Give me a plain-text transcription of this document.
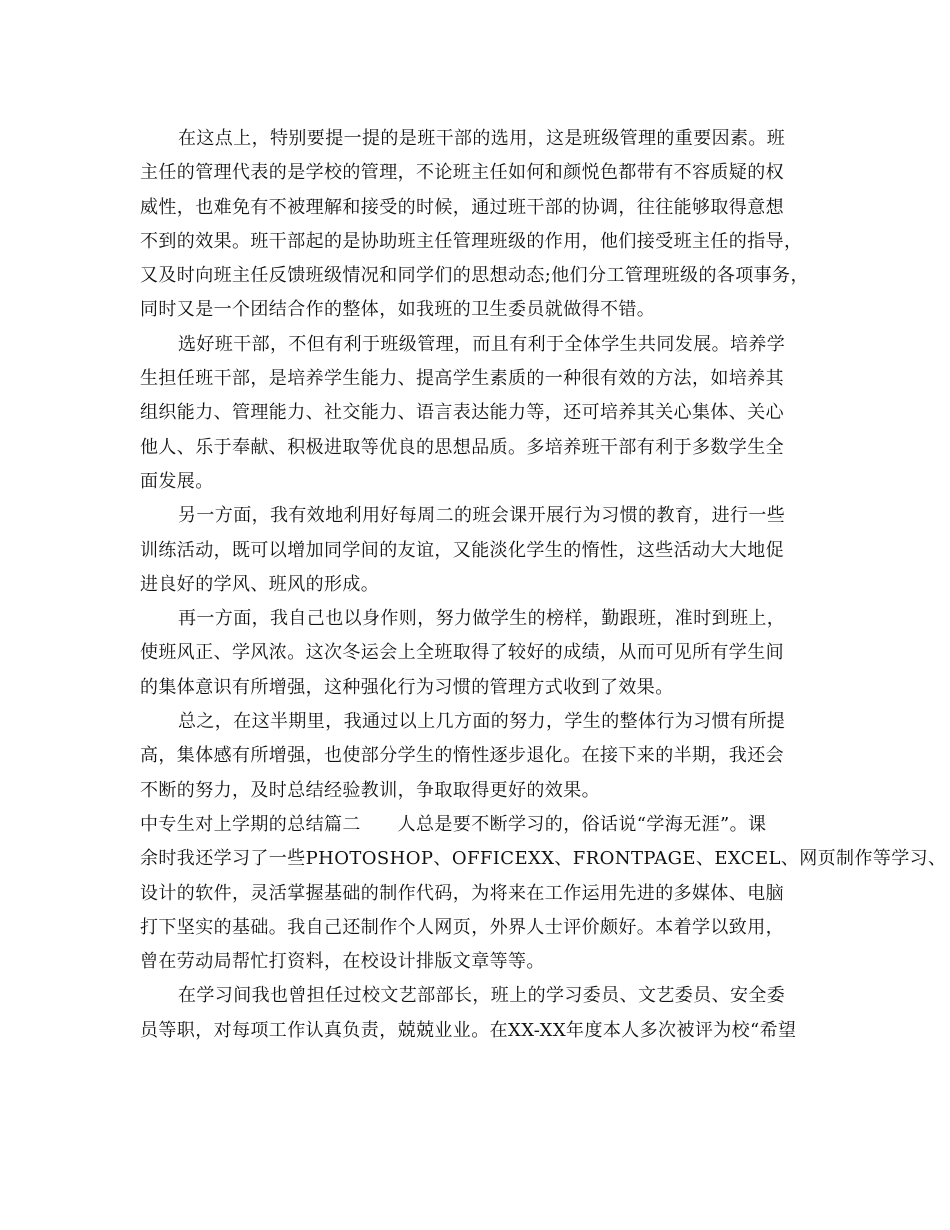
在这点上，特别要提一提的是班干部的选用，这是班级管理的重要因素。班
主任的管理代表的是学校的管理，不论班主任如何和颜悦色都带有不容质疑的权
威性，也难免有不被理解和接受的时候，通过班干部的协调，往往能够取得意想
不到的效果。班干部起的是协助班主任管理班级的作用，他们接受班主任的指导，
又及时向班主任反馈班级情况和同学们的思想动态;他们分工管理班级的各项事务，
同时又是一个团结合作的整体，如我班的卫生委员就做得不错。
选好班干部，不但有利于班级管理，而且有利于全体学生共同发展。培养学
生担任班干部，是培养学生能力、提高学生素质的一种很有效的方法，如培养其
组织能力、管理能力、社交能力、语言表达能力等，还可培养其关心集体、关心
他人、乐于奉献、积极进取等优良的思想品质。多培养班干部有利于多数学生全
面发展。
另一方面，我有效地利用好每周二的班会课开展行为习惯的教育，进行一些
训练活动，既可以增加同学间的友谊，又能淡化学生的惰性，这些活动大大地促
进良好的学风、班风的形成。
再一方面，我自己也以身作则，努力做学生的榜样，勤跟班，准时到班上，
使班风正、学风浓。这次冬运会上全班取得了较好的成绩，从而可见所有学生间
的集体意识有所增强，这种强化行为习惯的管理方式收到了效果。
总之，在这半期里，我通过以上几方面的努力，学生的整体行为习惯有所提
高，集体感有所增强，也使部分学生的惰性逐步退化。在接下来的半期，我还会
不断的努力，及时总结经验教训，争取取得更好的效果。
中专生对上学期的总结篇二　　人总是要不断学习的，俗话说“学海无涯”。课
余时我还学习了一些PHOTOSHOP、OFFICEXX、FRONTPAGE、EXCEL、网页制作等学习、
设计的软件，灵活掌握基础的制作代码，为将来在工作运用先进的多媒体、电脑
打下坚实的基础。我自己还制作个人网页，外界人士评价颇好。本着学以致用，
曾在劳动局帮忙打资料，在校设计排版文章等等。
在学习间我也曾担任过校文艺部部长，班上的学习委员、文艺委员、安全委
员等职，对每项工作认真负责，兢兢业业。在XX-XX年度本人多次被评为校“希望
